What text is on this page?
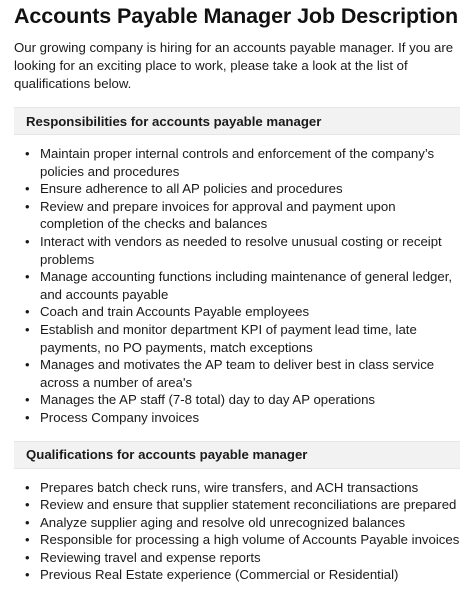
Accounts Payable Manager Job Description

Our growing company is hiring for an accounts payable manager. If you are looking for an exciting place to work, please take a look at the list of qualifications below.

Responsibilities for accounts payable manager
• Maintain proper internal controls and enforcement of the company’s policies and procedures
• Ensure adherence to all AP policies and procedures
• Review and prepare invoices for approval and payment upon completion of the checks and balances
• Interact with vendors as needed to resolve unusual costing or receipt problems
• Manage accounting functions including maintenance of general ledger, and accounts payable
• Coach and train Accounts Payable employees
• Establish and monitor department KPI of payment lead time, late payments, no PO payments, match exceptions
• Manages and motivates the AP team to deliver best in class service across a number of area's
• Manages the AP staff (7-8 total) day to day AP operations
• Process Company invoices
Qualifications for accounts payable manager
• Prepares batch check runs, wire transfers, and ACH transactions
• Review and ensure that supplier statement reconciliations are prepared
• Analyze supplier aging and resolve old unrecognized balances
• Responsible for processing a high volume of Accounts Payable invoices
• Reviewing travel and expense reports
• Previous Real Estate experience (Commercial or Residential)
